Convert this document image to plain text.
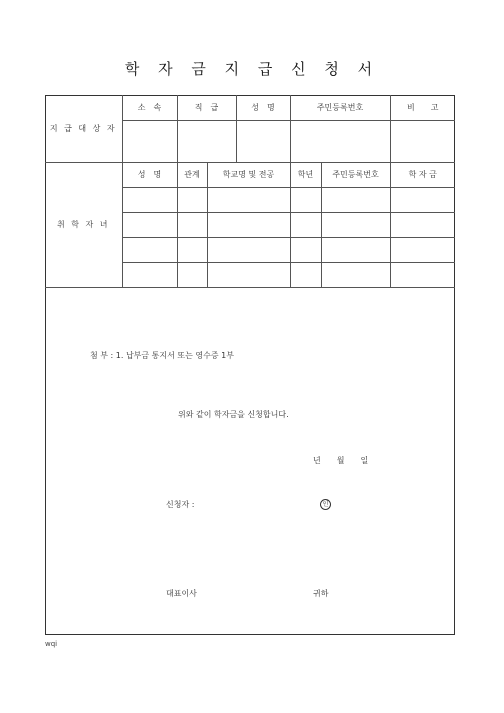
학 자 금 지 급 신 청 서
지 급 대 상 자	소　속	직　급		성　명	주민등록번호		비　　고

취 학 자 녀	성　명	관계	학교명 및 전공		학년	주민등록번호	학 자 금

첨 부 : 1. 납부금 통지서 또는 영수증 1부
위와 같이 학자금을 신청합니다.
년　　월　　일
신청자 :	인
대표이사	귀하
wqi
